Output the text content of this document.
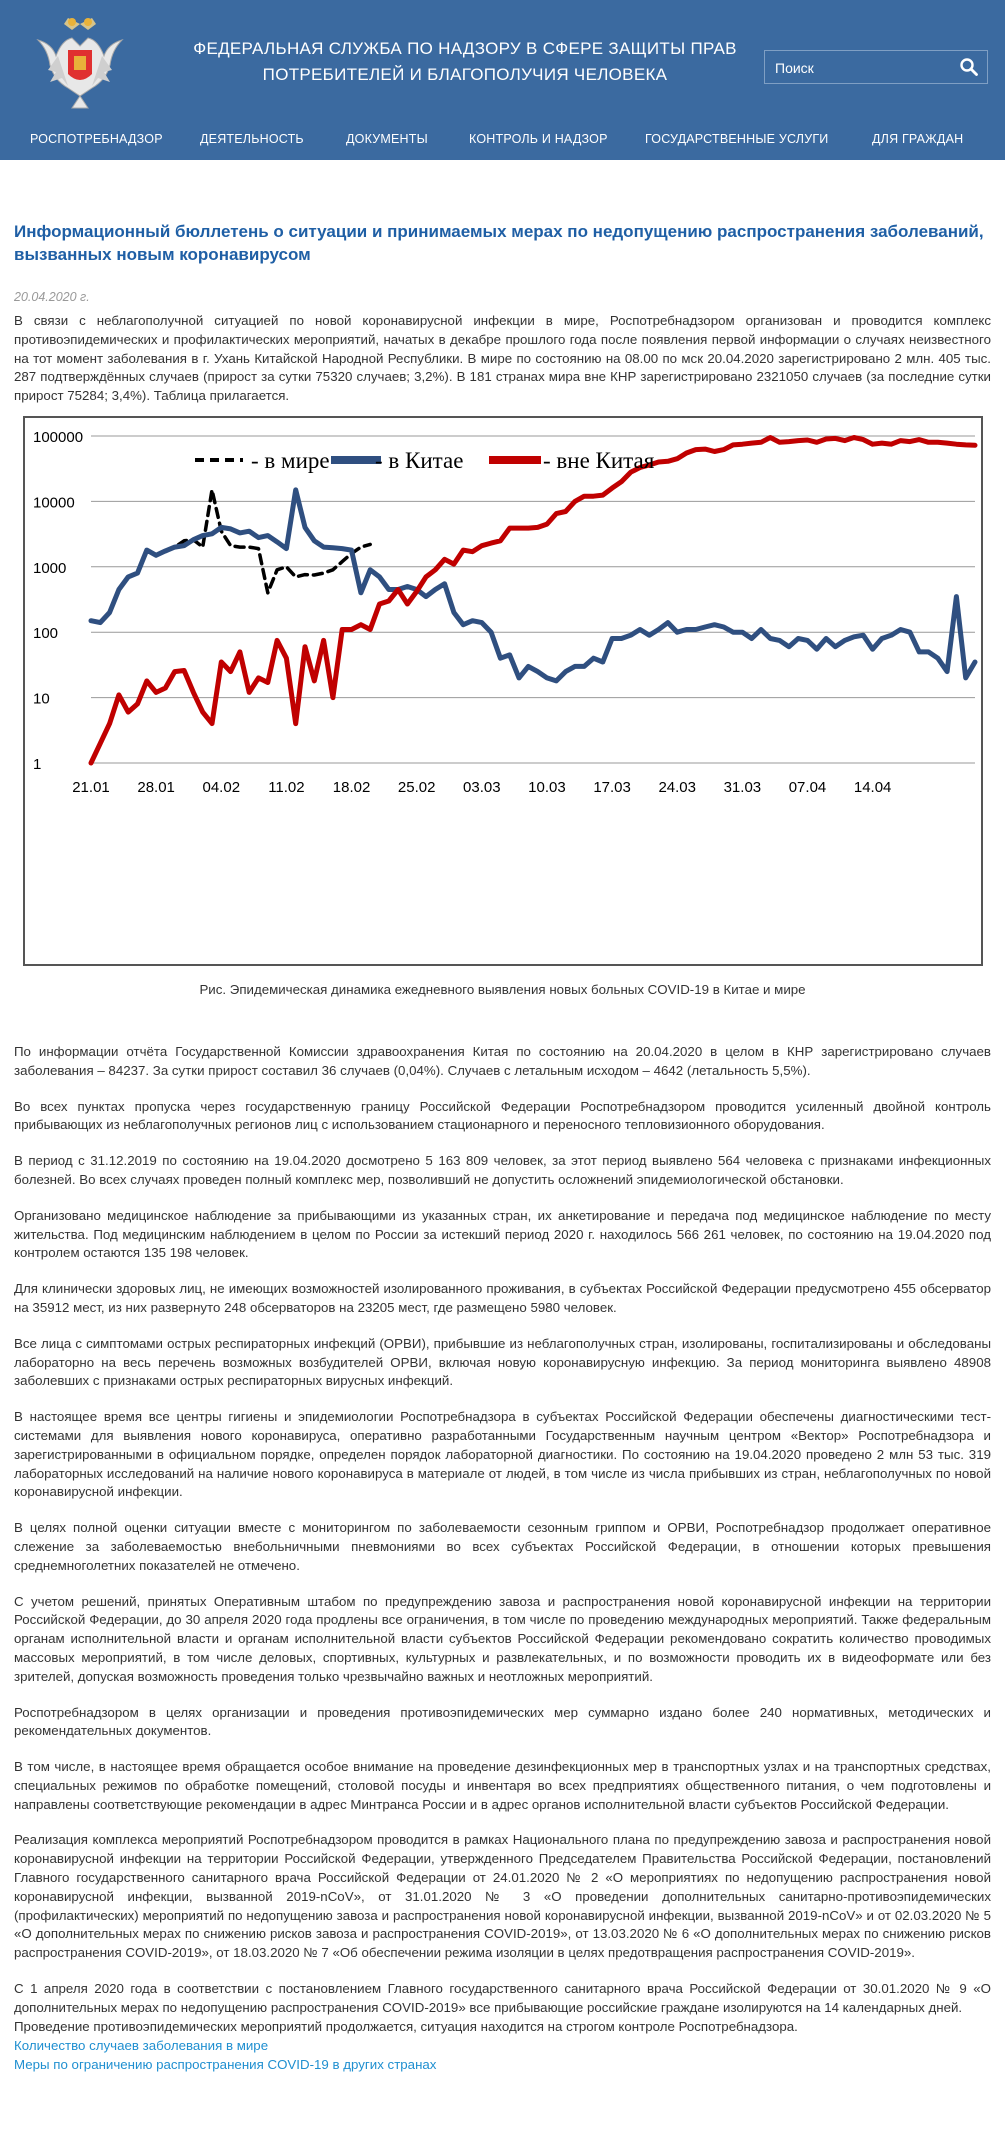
ФЕДЕРАЛЬНАЯ СЛУЖБА ПО НАДЗОРУ В СФЕРЕ ЗАЩИТЫ ПРАВ ПОТРЕБИТЕЛЕЙ И БЛАГОПОЛУЧИЯ ЧЕЛОВЕКА
Поиск
РОСПОТРЕБНАДЗОР	ДЕЯТЕЛЬНОСТЬ	ДОКУМЕНТЫ	КОНТРОЛЬ И НАДЗОР	ГОСУДАРСТВЕННЫЕ УСЛУГИ	ДЛЯ ГРАЖДАН
Информационный бюллетень о ситуации и принимаемых мерах по недопущению распространения заболеваний, вызванных новым коронавирусом
20.04.2020 г.

В связи с неблагополучной ситуацией по новой коронавирусной инфекции в мире, Роспотребнадзором организован и проводится комплекс противоэпидемических и профилактических мероприятий, начатых в декабре прошлого года после появления первой информации о случаях неизвестного на тот момент заболевания в г. Ухань Китайской Народной Республики. В мире по состоянию на 08.00 по мск 20.04.2020 зарегистрировано 2 млн. 405 тыс. 287 подтверждённых случаев (прирост за сутки 75320 случаев; 3,2%). В 181 странах мира вне КНР зарегистрировано 2321050 случаев (за последние сутки прирост 75284; 3,4%). Таблица прилагается.

1
10
100
1000
10000
100000
21.01 28.01 04.02 11.02 18.02 25.02 03.03 10.03 17.03 24.03 31.03 07.04 14.04
- в мире - в Китае	- вне Китая
Рис. Эпидемическая динамика ежедневного выявления новых больных COVID-19 в Китае и мире

По информации отчёта Государственной Комиссии здравоохранения Китая по состоянию на 20.04.2020 в целом в КНР зарегистрировано случаев заболевания – 84237. За сутки прирост составил 36 случаев (0,04%). Случаев с летальным исходом – 4642 (летальность 5,5%).

Во всех пунктах пропуска через государственную границу Российской Федерации Роспотребнадзором проводится усиленный двойной контроль прибывающих из неблагополучных регионов лиц с использованием стационарного и переносного тепловизионного оборудования.

В период с 31.12.2019 по состоянию на 19.04.2020 досмотрено 5 163 809 человек, за этот период выявлено 564 человека с признаками инфекционных болезней. Во всех случаях проведен полный комплекс мер, позволивший не допустить осложнений эпидемиологической обстановки.

Организовано медицинское наблюдение за прибывающими из указанных стран, их анкетирование и передача под медицинское наблюдение по месту жительства. Под медицинским наблюдением в целом по России за истекший период 2020 г. находилось 566 261 человек, по состоянию на 19.04.2020 под контролем остаются 135 198 человек.

Для клинически здоровых лиц, не имеющих возможностей изолированного проживания, в субъектах Российской Федерации предусмотрено 455 обсерватор на 35912 мест, из них развернуто 248 обсерваторов на 23205 мест, где размещено 5980 человек.

Все лица с симптомами острых респираторных инфекций (ОРВИ), прибывшие из неблагополучных стран, изолированы, госпитализированы и обследованы лабораторно на весь перечень возможных возбудителей ОРВИ, включая новую коронавирусную инфекцию. За период мониторинга выявлено 48908 заболевших с признаками острых респираторных вирусных инфекций.

В настоящее время все центры гигиены и эпидемиологии Роспотребнадзора в субъектах Российской Федерации обеспечены диагностическими тест-системами для выявления нового коронавируса, оперативно разработанными Государственным научным центром «Вектор» Роспотребнадзора и зарегистрированными в официальном порядке, определен порядок лабораторной диагностики. По состоянию на 19.04.2020 проведено 2 млн 53 тыс. 319 лабораторных исследований на наличие нового коронавируса в материале от людей, в том числе из числа прибывших из стран, неблагополучных по новой коронавирусной инфекции.

В целях полной оценки ситуации вместе с мониторингом по заболеваемости сезонным гриппом и ОРВИ, Роспотребнадзор продолжает оперативное слежение за заболеваемостью внебольничными пневмониями во всех субъектах Российской Федерации, в отношении которых превышения среднемноголетних показателей не отмечено.

С учетом решений, принятых Оперативным штабом по предупреждению завоза и распространения новой коронавирусной инфекции на территории Российской Федерации, до 30 апреля 2020 года продлены все ограничения, в том числе по проведению международных мероприятий. Также федеральным органам исполнительной власти и органам исполнительной власти субъектов Российской Федерации рекомендовано сократить количество проводимых массовых мероприятий, в том числе деловых, спортивных, культурных и развлекательных, и по возможности проводить их в видеоформате или без зрителей, допуская возможность проведения только чрезвычайно важных и неотложных мероприятий.

Роспотребнадзором в целях организации и проведения противоэпидемических мер суммарно издано более 240 нормативных, методических и рекомендательных документов.

В том числе, в настоящее время обращается особое внимание на проведение дезинфекционных мер в транспортных узлах и на транспортных средствах, специальных режимов по обработке помещений, столовой посуды и инвентаря во всех предприятиях общественного питания, о чем подготовлены и направлены соответствующие рекомендации в адрес Минтранса России и в адрес органов исполнительной власти субъектов Российской Федерации.

Реализация комплекса мероприятий Роспотребнадзором проводится в рамках Национального плана по предупреждению завоза и распространения новой коронавирусной инфекции на территории Российской Федерации, утвержденного Председателем Правительства Российской Федерации, постановлений Главного государственного санитарного врача Российской Федерации от 24.01.2020 № 2 «О мероприятиях по недопущению распространения новой коронавирусной инфекции, вызванной 2019-nCoV», от 31.01.2020 № 3 «О проведении дополнительных санитарно-противоэпидемических (профилактических) мероприятий по недопущению завоза и распространения новой коронавирусной инфекции, вызванной 2019-nCoV» и от 02.03.2020 № 5 «О дополнительных мерах по снижению рисков завоза и распространения COVID-2019», от 13.03.2020 № 6 «О дополнительных мерах по снижению рисков распространения COVID-2019», от 18.03.2020 № 7 «Об обеспечении режима изоляции в целях предотвращения распространения COVID-2019».

С 1 апреля 2020 года в соответствии с постановлением Главного государственного санитарного врача Российской Федерации от 30.01.2020 № 9 «О дополнительных мерах по недопущению распространения COVID-2019» все прибывающие российские граждане изолируются на 14 календарных дней.

Проведение противоэпидемических мероприятий продолжается, ситуация находится на строгом контроле Роспотребнадзора.

Количество случаев заболевания в мире
Меры по ограничению распространения COVID-19 в других странах
